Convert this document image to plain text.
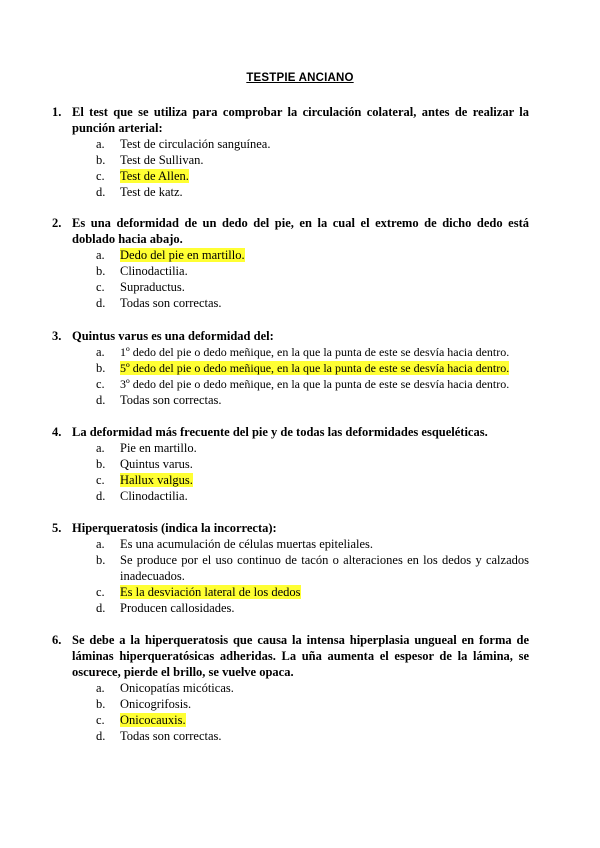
TESTPIE ANCIANO
1. El test que se utiliza para comprobar la circulación colateral, antes de realizar la punción arterial:
a.	Test de circulación sanguínea.
b.	Test de Sullivan.
c.	Test de Allen.
d.	Test de katz.
2. Es una deformidad de un dedo del pie, en la cual el extremo de dicho dedo está doblado hacia abajo.
a.	Dedo del pie en martillo.
b.	Clinodactilia.
c.	Supraductus.
d.	Todas son correctas.
3. Quintus varus es una deformidad del:
a.	1º dedo del pie o dedo meñique, en la que la punta de este se desvía hacia dentro.
b.	5º dedo del pie o dedo meñique, en la que la punta de este se desvía hacia dentro.
c.	3º dedo del pie o dedo meñique, en la que la punta de este se desvía hacia dentro.
d.	Todas son correctas.
4. La deformidad más frecuente del pie y de todas las deformidades esqueléticas.
a.	Pie en martillo.
b.	Quintus varus.
c.	Hallux valgus.
d.	Clinodactilia.
5. Hiperqueratosis (indica la incorrecta):
a.	Es una acumulación de células muertas epiteliales.
b.	Se produce por el uso continuo de tacón o alteraciones en los dedos y calzados inadecuados.
c.	Es la desviación lateral de los dedos
d.	Producen callosidades.
6. Se debe a la hiperqueratosis que causa la intensa hiperplasia ungueal en forma de láminas hiperqueratósicas adheridas. La uña aumenta el espesor de la lámina, se oscurece, pierde el brillo, se vuelve opaca.
a.	Onicopatías micóticas.
b.	Onicogrifosis.
c.	Onicocauxis.
d.	Todas son correctas.
